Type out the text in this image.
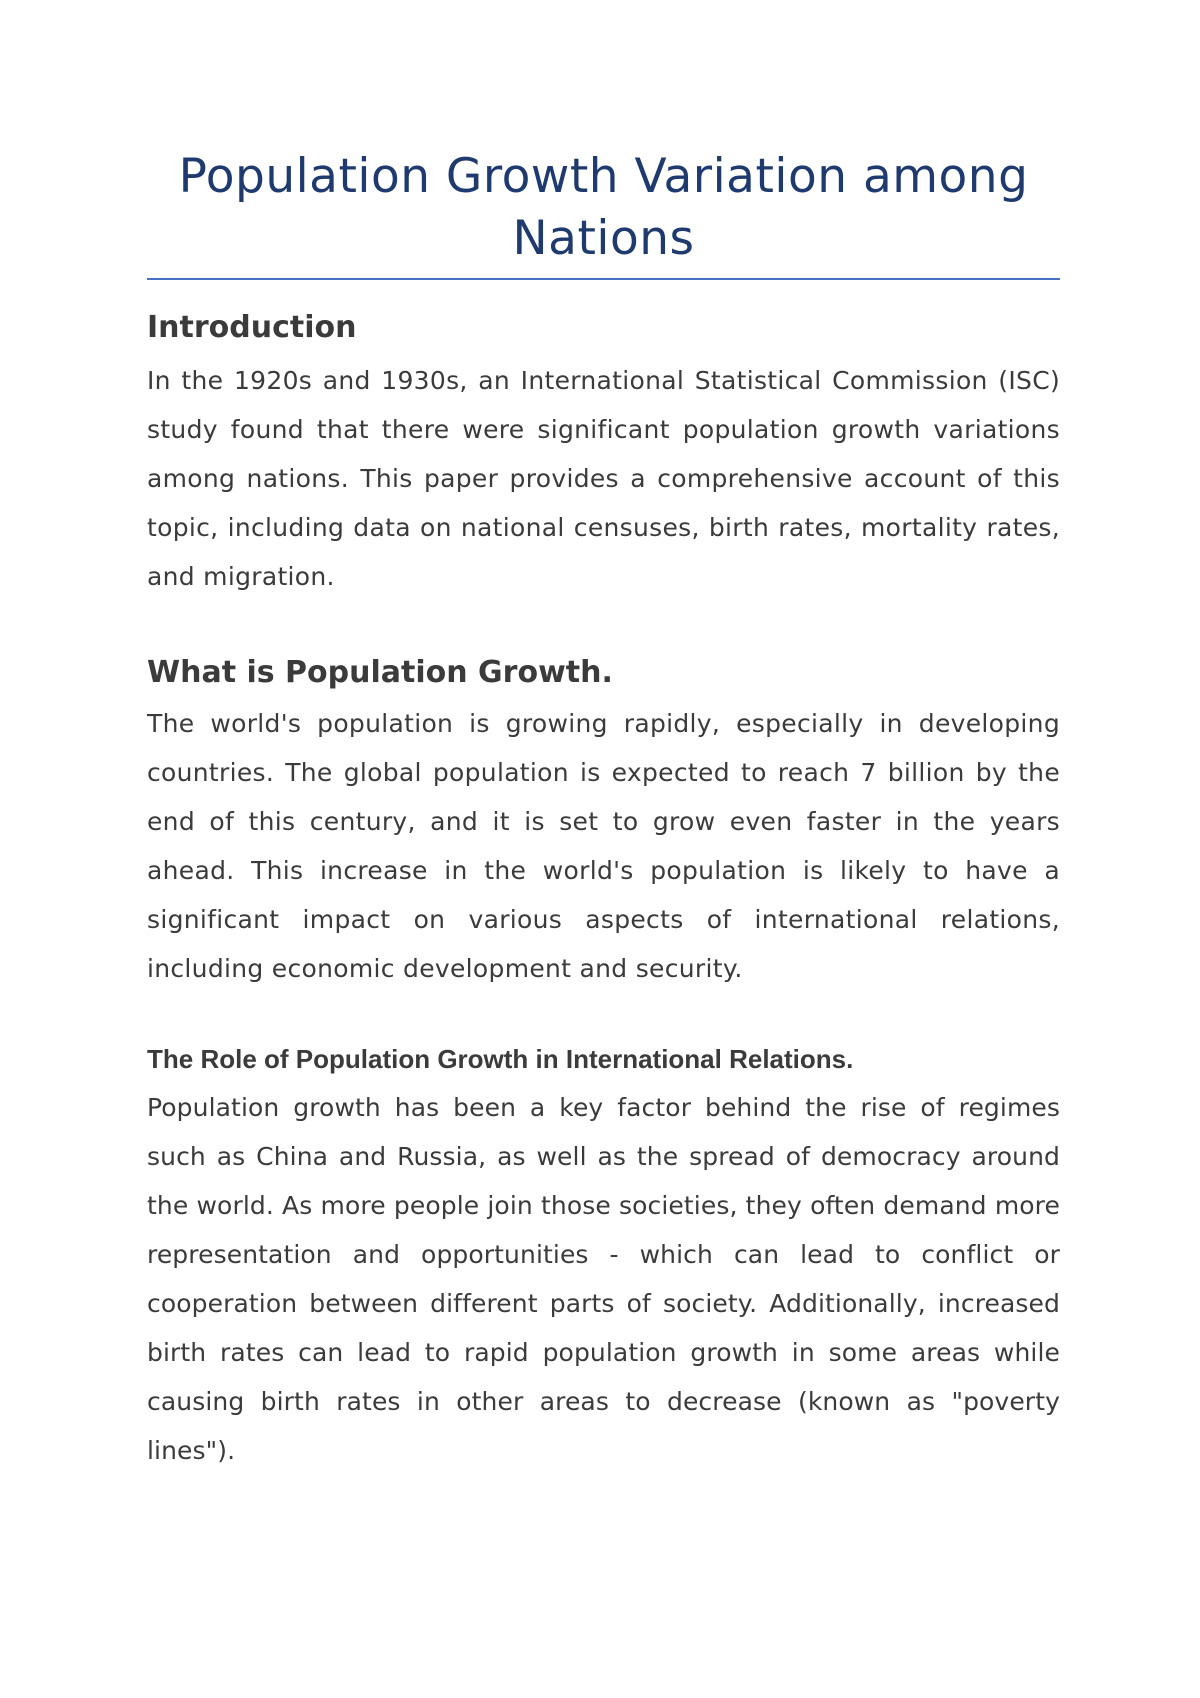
Population Growth Variation among Nations
Introduction

In the 1920s and 1930s, an International Statistical Commission (ISC) study found that there were significant population growth variations among nations. This paper provides a comprehensive account of this topic, including data on national censuses, birth rates, mortality rates, and migration.

What is Population Growth.

The world's population is growing rapidly, especially in developing countries. The global population is expected to reach 7 billion by the end of this century, and it is set to grow even faster in the years ahead. This increase in the world's population is likely to have a significant impact on various aspects of international relations, including economic development and security.

The Role of Population Growth in International Relations.

Population growth has been a key factor behind the rise of regimes such as China and Russia, as well as the spread of democracy around the world. As more people join those societies, they often demand more representation and opportunities - which can lead to conflict or cooperation between different parts of society. Additionally, increased birth rates can lead to rapid population growth in some areas while causing birth rates in other areas to decrease (known as "poverty lines").
